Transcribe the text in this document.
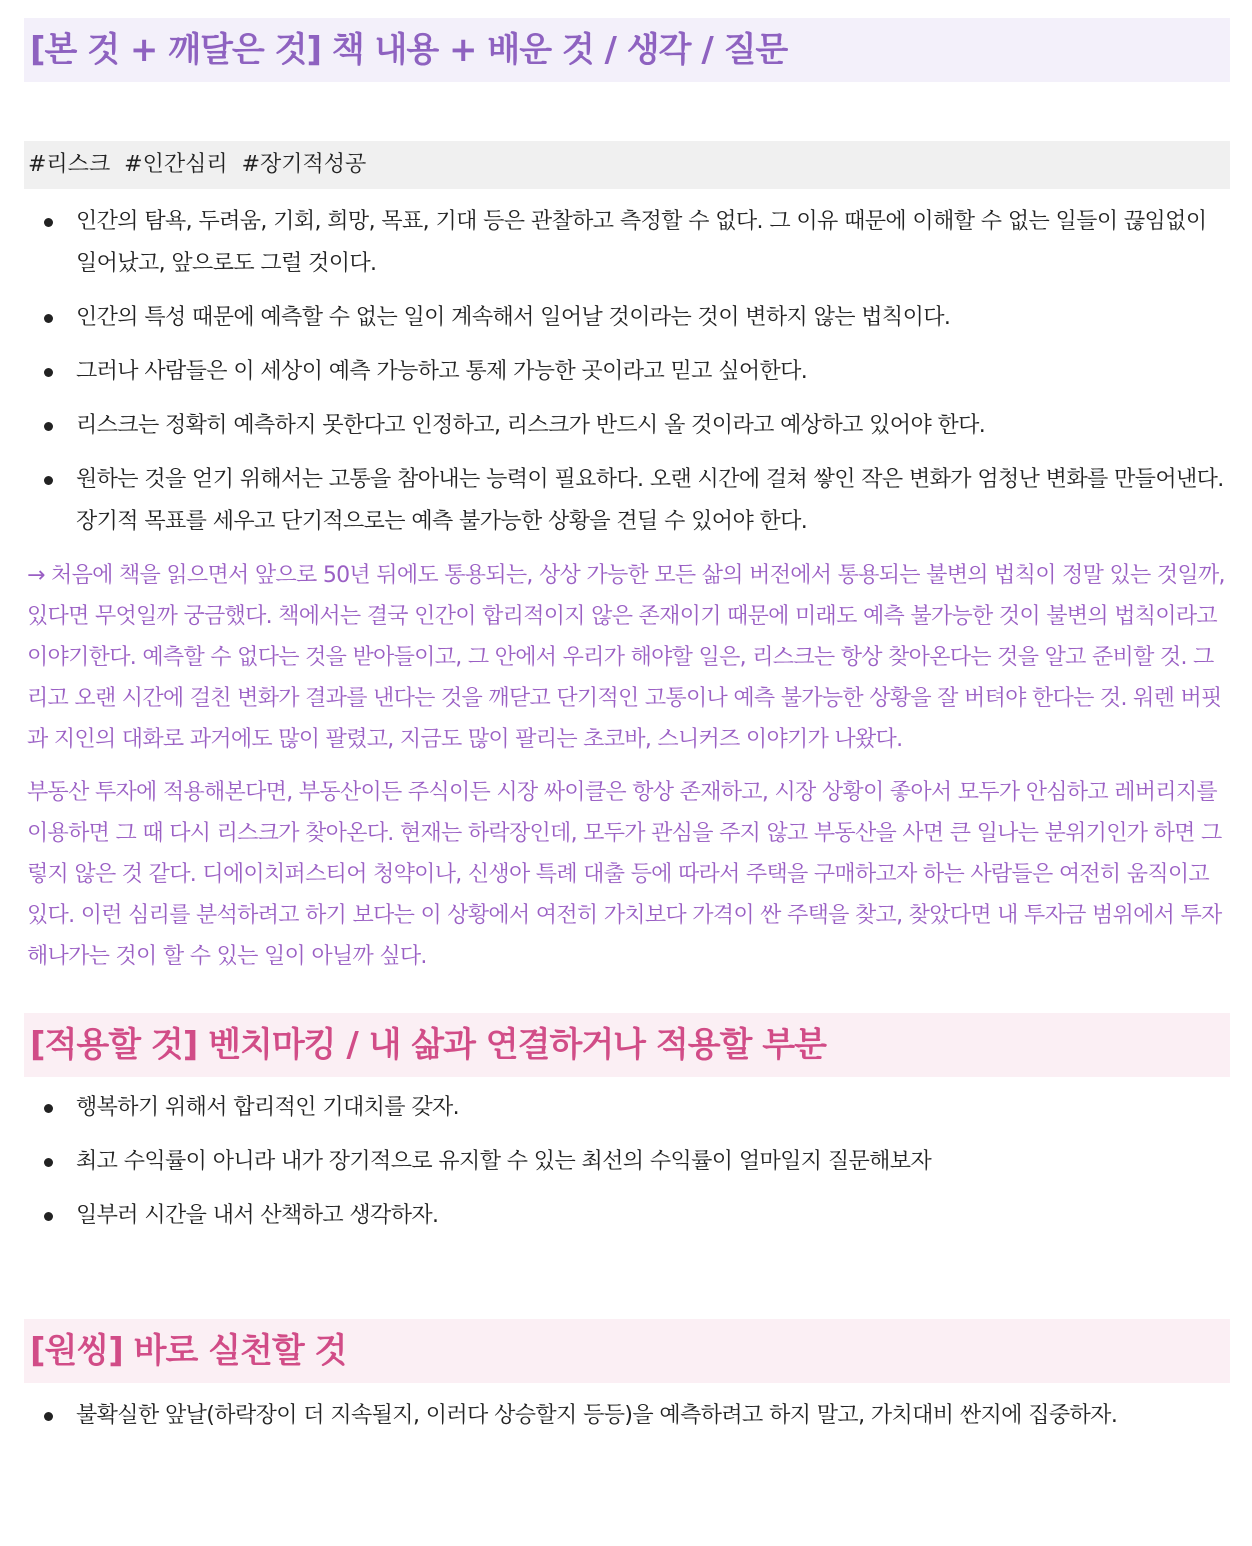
[본 것 + 깨달은 것] 책 내용 + 배운 것 / 생각 / 질문
#리스크  #인간심리  #장기적성공
인간의 탐욕, 두려움, 기회, 희망, 목표, 기대 등은 관찰하고 측정할 수 없다. 그 이유 때문에 이해할 수 없는 일들이 끊임없이 일어났고, 앞으로도 그럴 것이다.
인간의 특성 때문에 예측할 수 없는 일이 계속해서 일어날 것이라는 것이 변하지 않는 법칙이다.
그러나 사람들은 이 세상이 예측 가능하고 통제 가능한 곳이라고 믿고 싶어한다.
리스크는 정확히 예측하지 못한다고 인정하고, 리스크가 반드시 올 것이라고 예상하고 있어야 한다.
원하는 것을 얻기 위해서는 고통을 참아내는 능력이 필요하다. 오랜 시간에 걸쳐 쌓인 작은 변화가 엄청난 변화를 만들어낸다. 장기적 목표를 세우고 단기적으로는 예측 불가능한 상황을 견딜 수 있어야 한다.

→ 처음에 책을 읽으면서 앞으로 50년 뒤에도 통용되는, 상상 가능한 모든 삶의 버전에서 통용되는 불변의 법칙이 정말 있는 것일까, 있다면 무엇일까 궁금했다. 책에서는 결국 인간이 합리적이지 않은 존재이기 때문에 미래도 예측 불가능한 것이 불변의 법칙이라고 이야기한다. 예측할 수 없다는 것을 받아들이고, 그 안에서 우리가 해야할 일은, 리스크는 항상 찾아온다는 것을 알고 준비할 것. 그리고 오랜 시간에 걸친 변화가 결과를 낸다는 것을 깨닫고 단기적인 고통이나 예측 불가능한 상황을 잘 버텨야 한다는 것. 워렌 버핏과 지인의 대화로 과거에도 많이 팔렸고, 지금도 많이 팔리는 초코바, 스니커즈 이야기가 나왔다.

부동산 투자에 적용해본다면, 부동산이든 주식이든 시장 싸이클은 항상 존재하고, 시장 상황이 좋아서 모두가 안심하고 레버리지를 이용하면 그 때 다시 리스크가 찾아온다. 현재는 하락장인데, 모두가 관심을 주지 않고 부동산을 사면 큰 일나는 분위기인가 하면 그렇지 않은 것 같다. 디에이치퍼스티어 청약이나, 신생아 특례 대출 등에 따라서 주택을 구매하고자 하는 사람들은 여전히 움직이고 있다. 이런 심리를 분석하려고 하기 보다는 이 상황에서 여전히 가치보다 가격이 싼 주택을 찾고, 찾았다면 내 투자금 범위에서 투자해나가는 것이 할 수 있는 일이 아닐까 싶다.

[적용할 것] 벤치마킹 / 내 삶과 연결하거나 적용할 부분
행복하기 위해서 합리적인 기대치를 갖자.
최고 수익률이 아니라 내가 장기적으로 유지할 수 있는 최선의 수익률이 얼마일지 질문해보자
일부러 시간을 내서 산책하고 생각하자.
[원씽] 바로 실천할 것
불확실한 앞날(하락장이 더 지속될지, 이러다 상승할지 등등)을 예측하려고 하지 말고, 가치대비 싼지에 집중하자.
